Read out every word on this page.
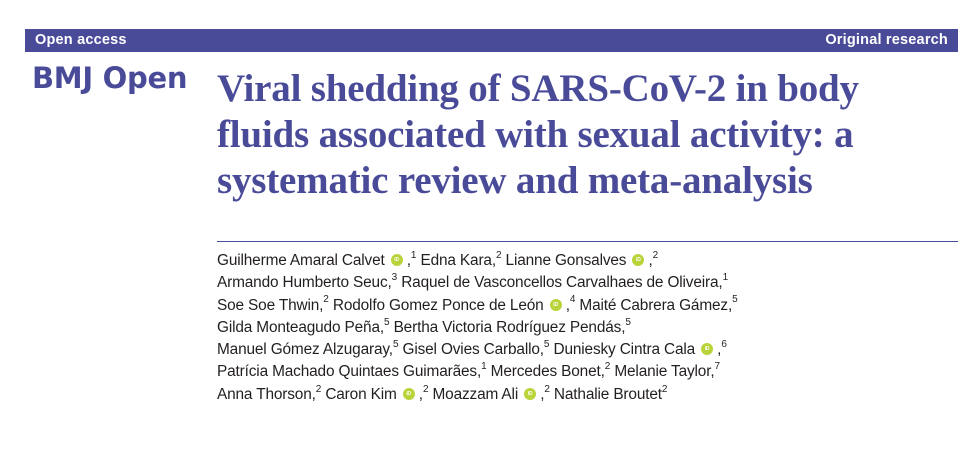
Open access	Original research
BMJ Open Viral shedding of SARS-CoV-2 in body
fluids associated with sexual activity: a
systematic review and meta-analysis
Guilherme Amaral Calvet	iD ,$^1$ Edna Kara,$^2$ Lianne Gonsalves	iD ,$^2$
Armando Humberto Seuc,$^3$ Raquel de Vasconcellos Carvalhaes de Oliveira,$^1$
Soe Soe Thwin,$^2$ Rodolfo Gomez Ponce de León	iD ,$^4$ Maité Cabrera Gámez,$^5$
Gilda Monteagudo Peña,$^5$ Bertha Victoria Rodríguez Pendás,$^5$
Manuel Gómez Alzugaray,$^5$ Gisel Ovies Carballo,$^5$ Duniesky Cintra Cala	iD ,$^6$
Patrícia Machado Quintaes Guimarães,$^1$ Mercedes Bonet,$^2$ Melanie Taylor,$^7$
Anna Thorson,$^2$ Caron Kim	iD ,$^2$ Moazzam Ali	iD ,$^2$ Nathalie Broutet$^2$
